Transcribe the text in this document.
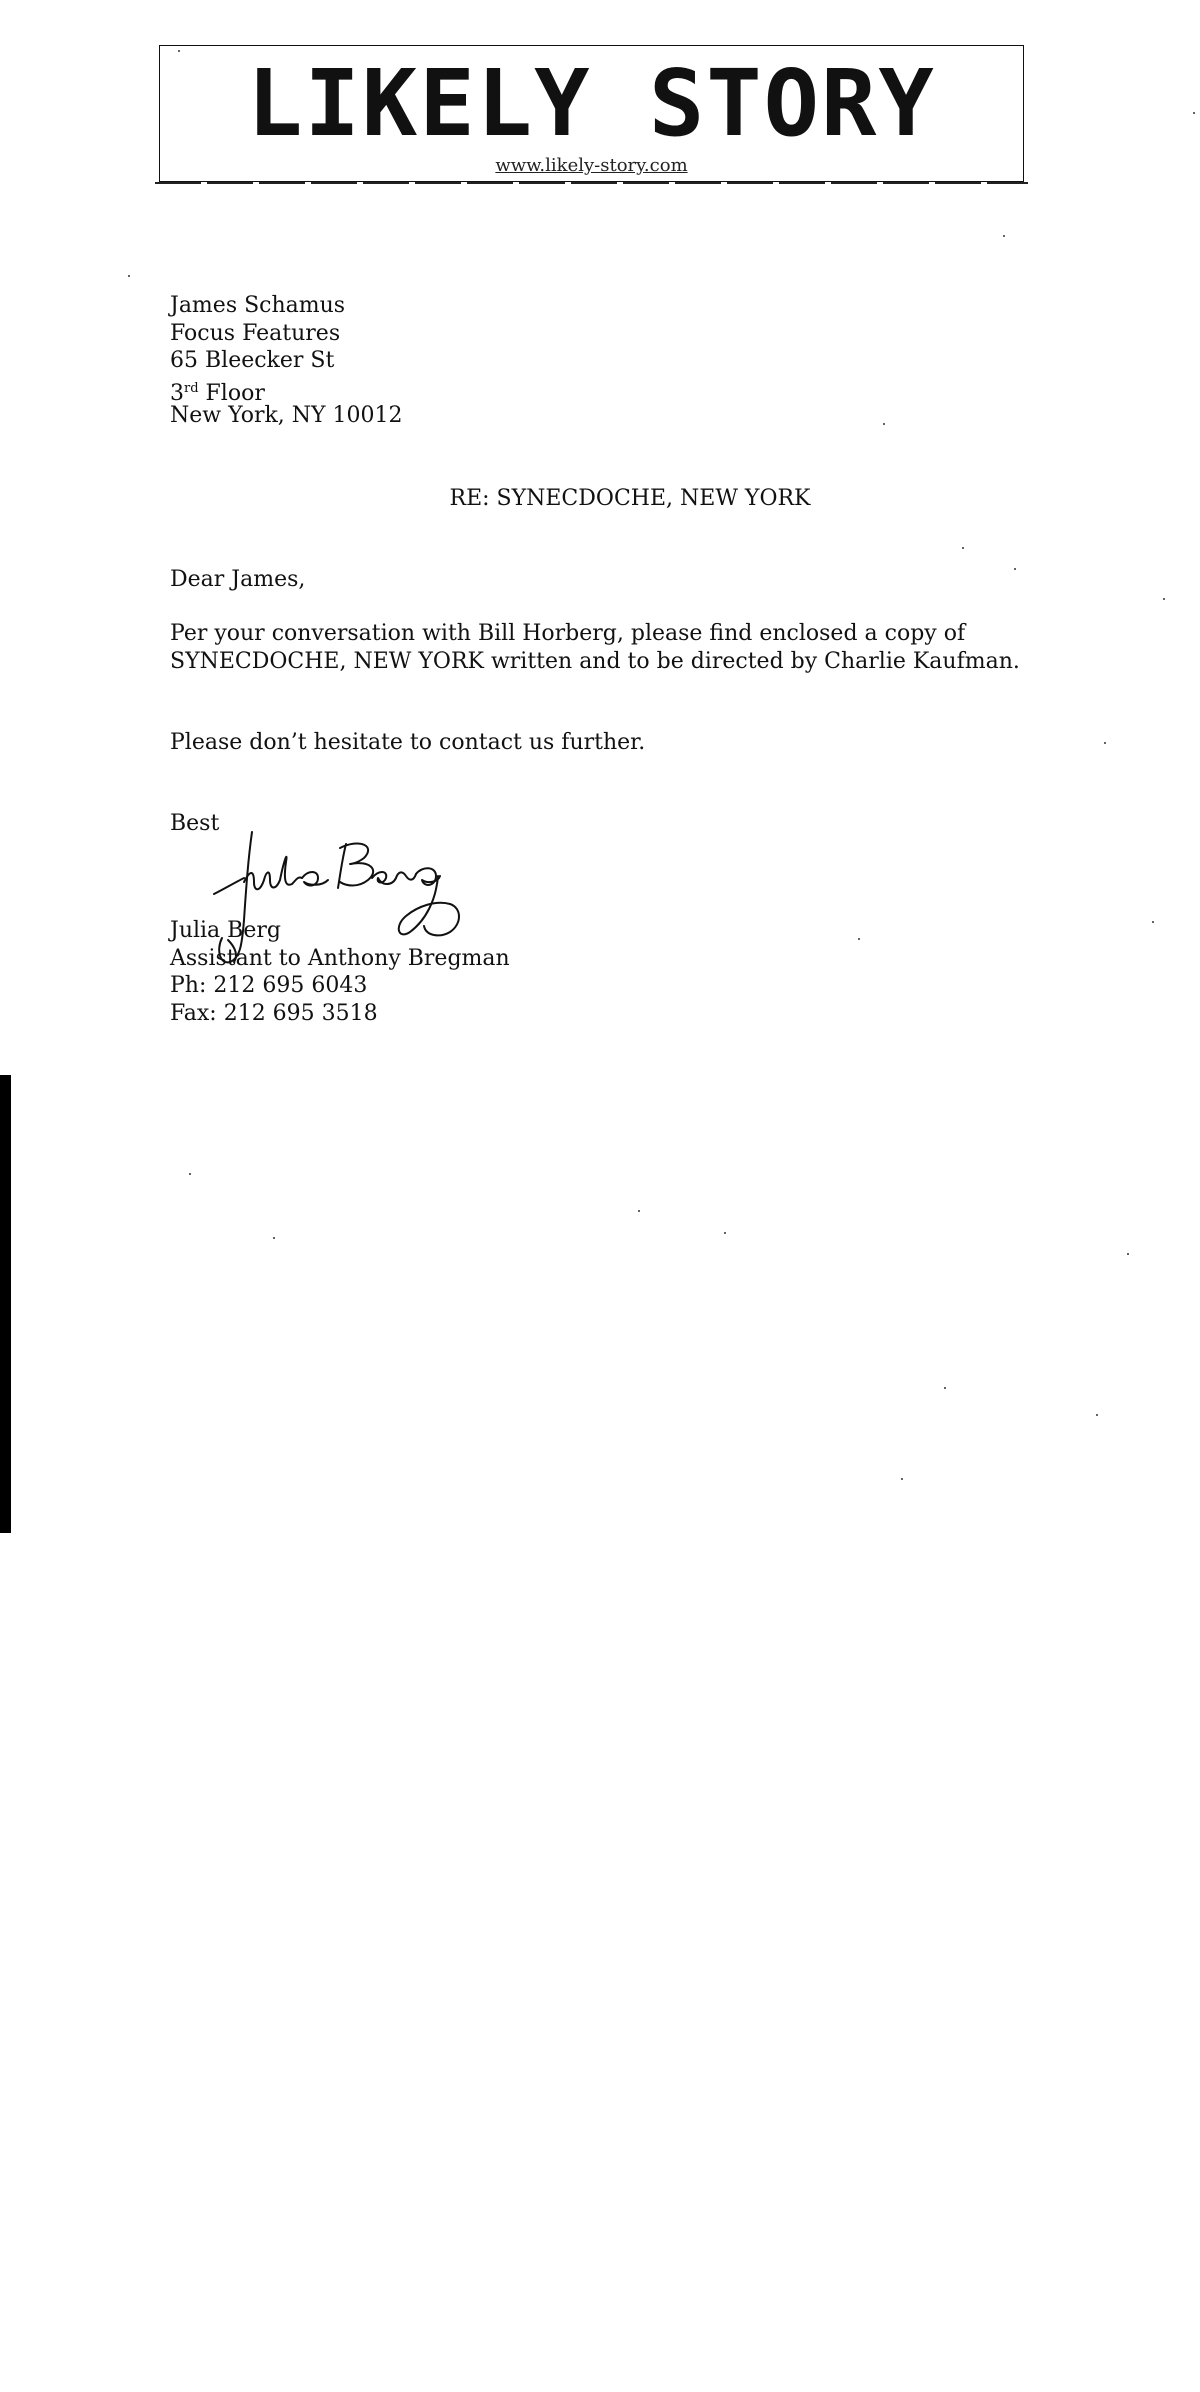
LIKELY STORY
www.likely-story.com
James Schamus
Focus Features
65 Bleecker St
3rd Floor
New York, NY 10012
RE: SYNECDOCHE, NEW YORK
Dear James,
Per your conversation with Bill Horberg, please find enclosed a copy of
SYNECDOCHE, NEW YORK written and to be directed by Charlie Kaufman.
Please don’t hesitate to contact us further.
Best
Julia Berg
Assistant to Anthony Bregman
Ph: 212 695 6043
Fax: 212 695 3518
